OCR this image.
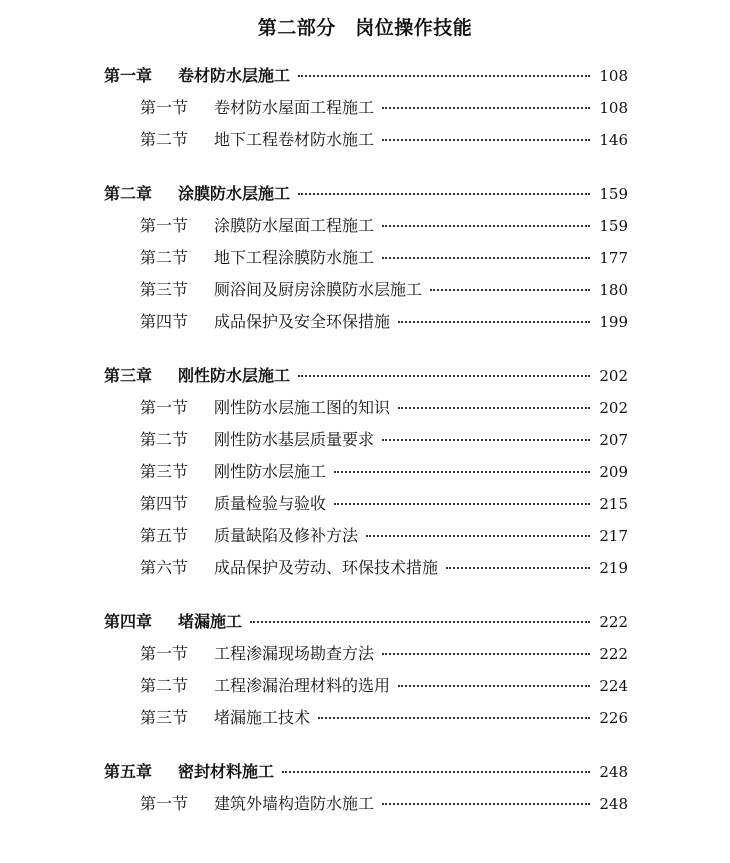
第二部分　岗位操作技能
第一章	卷材防水层施工	108
第一节	卷材防水屋面工程施工	108
第二节	地下工程卷材防水施工	146
第二章	涂膜防水层施工	159
第一节	涂膜防水屋面工程施工	159
第二节	地下工程涂膜防水施工	177
第三节	厕浴间及厨房涂膜防水层施工	180
第四节	成品保护及安全环保措施	199
第三章	刚性防水层施工	202
第一节	刚性防水层施工图的知识	202
第二节	刚性防水基层质量要求	207
第三节	刚性防水层施工	209
第四节	质量检验与验收	215
第五节	质量缺陷及修补方法	217
第六节	成品保护及劳动、环保技术措施	219
第四章	堵漏施工	222
第一节	工程渗漏现场勘查方法	222
第二节	工程渗漏治理材料的选用	224
第三节	堵漏施工技术	226
第五章	密封材料施工	248
第一节	建筑外墙构造防水施工	248
